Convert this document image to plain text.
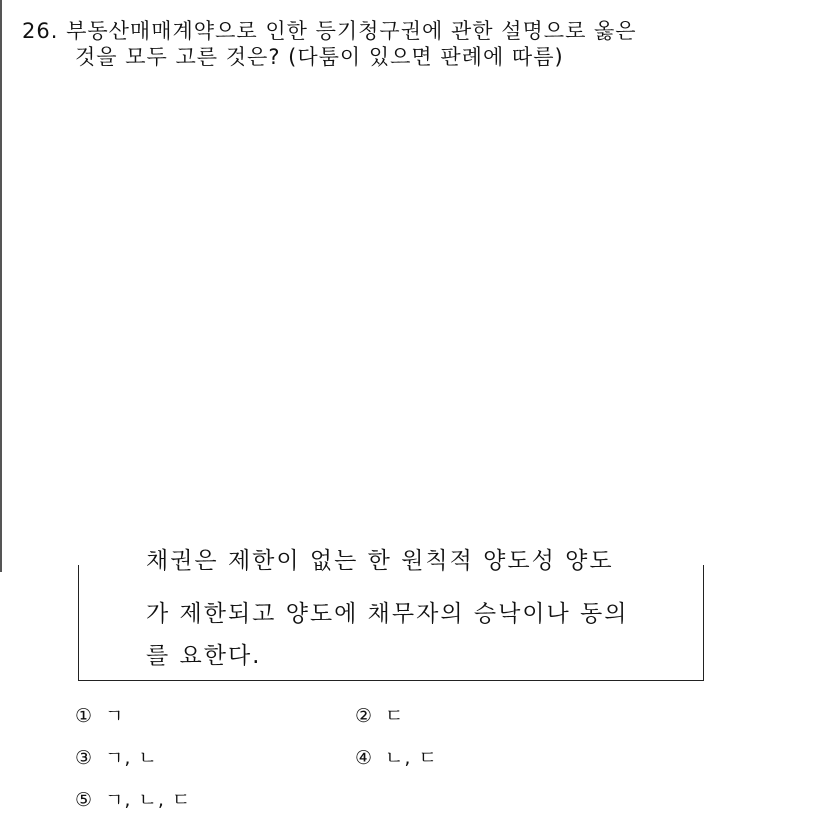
26. 부동산매매계약으로 인한 등기청구권에 관한 설명으로 옳은
것을 모두 고른 것은? (다툼이 있으면 판례에 따름)
채권은 제한이 없는 한 원칙적 양도성 양도
가 제한되고 양도에 채무자의 승낙이나 동의
를 요한다.
① ㄱ	② ㄷ
③ ㄱ, ㄴ	④ ㄴ, ㄷ
⑤ ㄱ, ㄴ, ㄷ
